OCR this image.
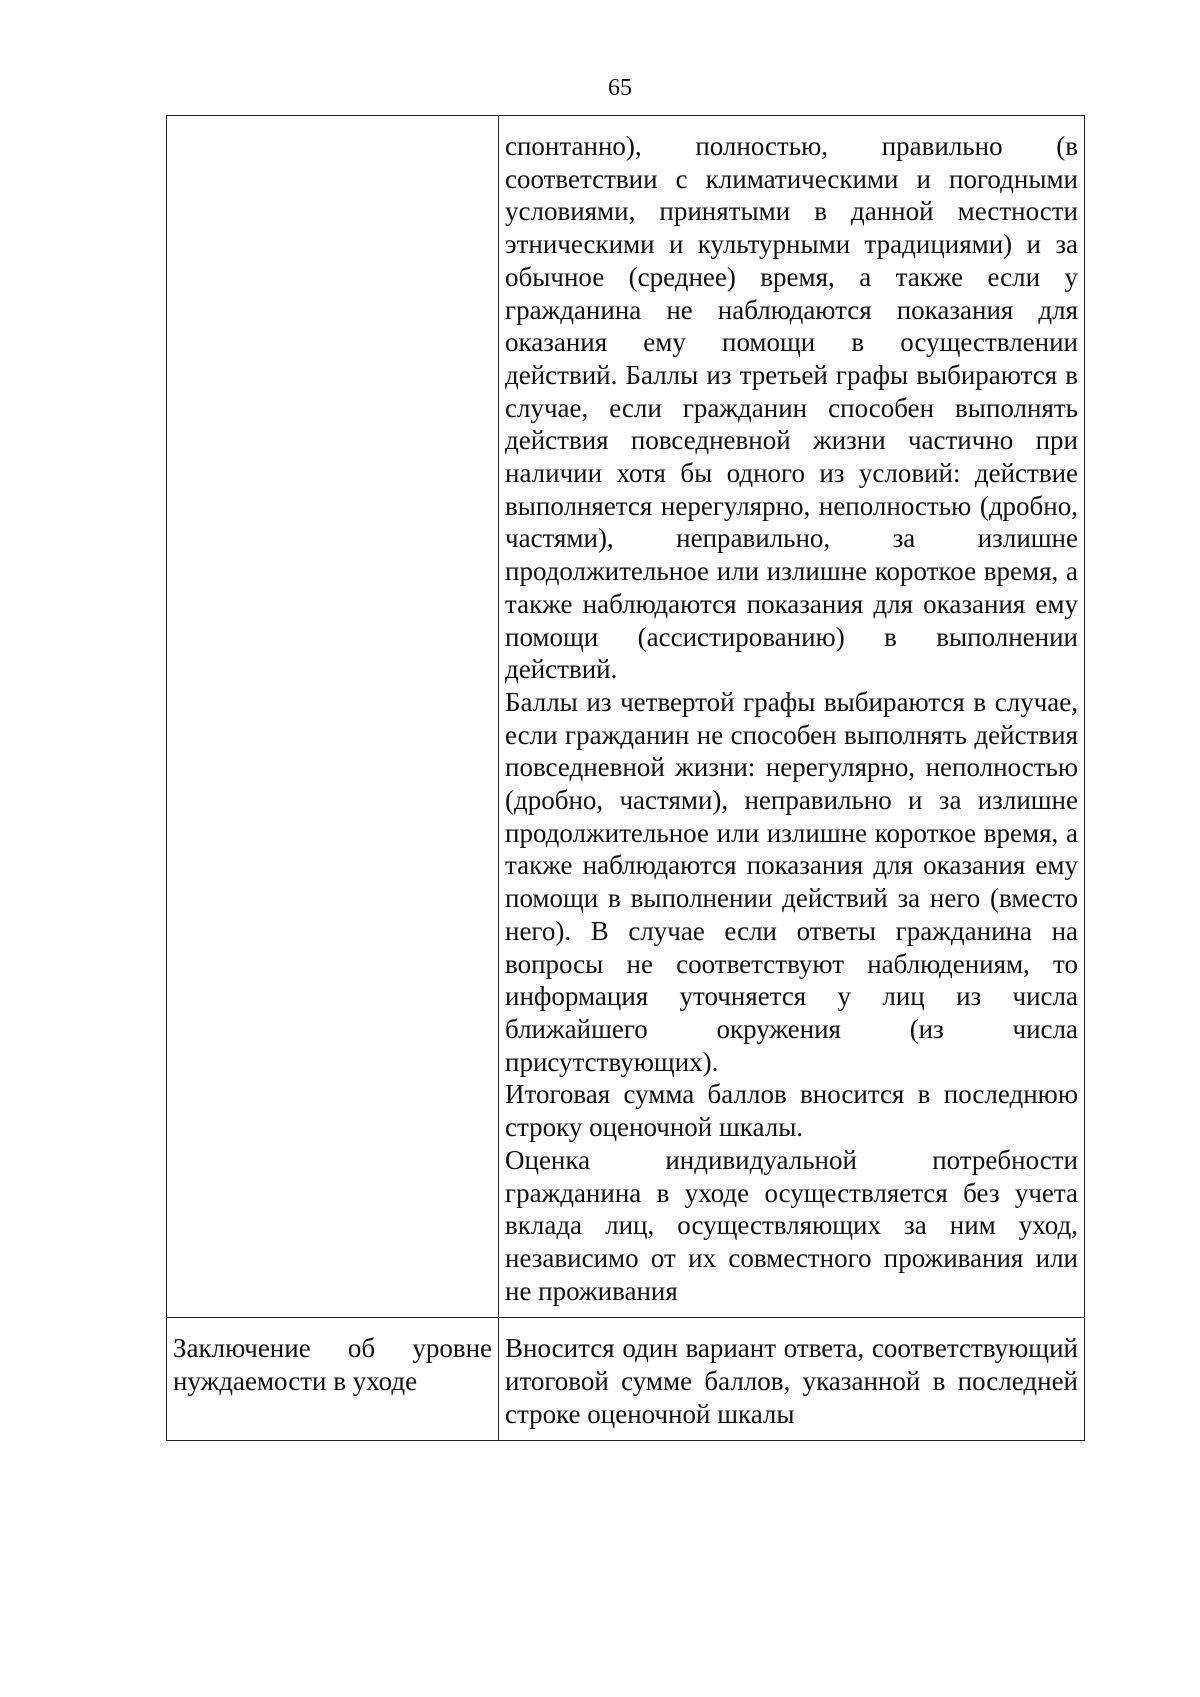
65

	спонтанно), полностью, правильно (в соответствии с климатическими и погодными условиями, принятыми в данной местности этническими и культурными традициями) и за обычное (среднее) время, а также если у гражданина не наблюдаются показания для оказания ему помощи в осуществлении действий. Баллы из третьей графы выбираются в случае, если гражданин способен выполнять действия повседневной жизни частично при наличии хотя бы одного из условий: действие выполняется нерегулярно, неполностью (дробно, частями), неправильно, за излишне продолжительное или излишне короткое время, а также наблюдаются показания для оказания ему помощи (ассистированию) в выполнении действий.
Баллы из четвертой графы выбираются в случае, если гражданин не способен выполнять действия повседневной жизни: нерегулярно, неполностью (дробно, частями), неправильно и за излишне продолжительное или излишне короткое время, а также наблюдаются показания для оказания ему помощи в выполнении действий за него (вместо него). В случае если ответы гражданина на вопросы не соответствуют наблюдениям, то информация уточняется у лиц из числа ближайшего окружения (из числа присутствующих).
Итоговая сумма баллов вносится в последнюю строку оценочной шкалы.
Оценка индивидуальной потребности гражданина в уходе осуществляется без учета вклада лиц, осуществляющих за ним уход, независимо от их совместного проживания или не проживания

Заключение об уровне нуждаемости в уходе	Вносится один вариант ответа, соответствующий итоговой сумме баллов, указанной в последней строке оценочной шкалы
